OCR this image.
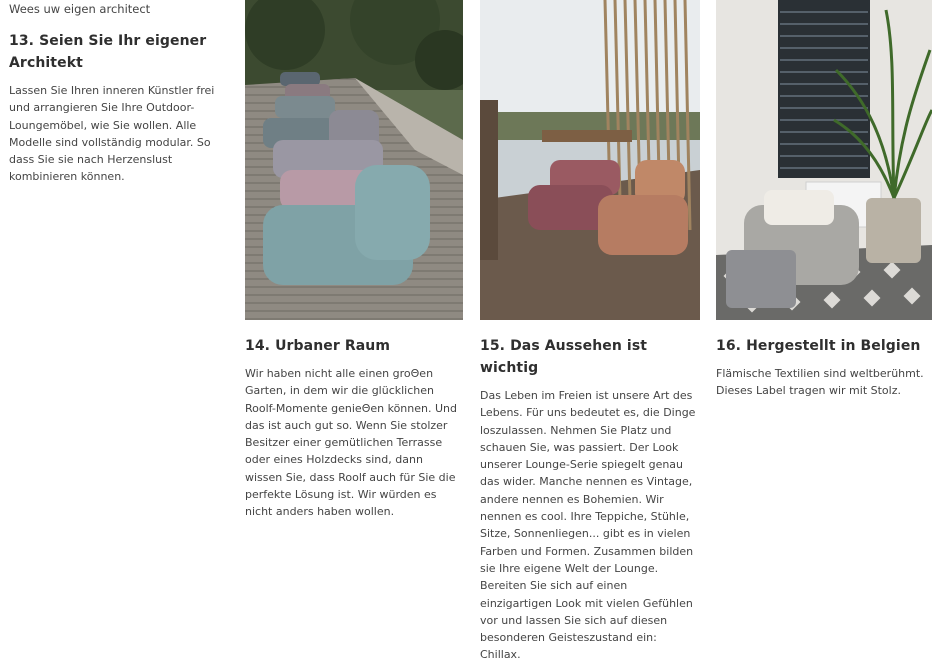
Wees uw eigen architect
13. Seien Sie Ihr eigener Architekt

Lassen Sie Ihren inneren Künstler frei und arrangieren Sie Ihre Outdoor-Loungemöbel, wie Sie wollen. Alle Modelle sind vollständig modular. So dass Sie sie nach Herzenslust kombinieren können.

14. Urbaner Raum

Wir haben nicht alle einen groΘen Garten, in dem wir die glücklichen Roolf-Momente genieΘen können. Und das ist auch gut so. Wenn Sie stolzer Besitzer einer gemütlichen Terrasse oder eines Holzdecks sind, dann wissen Sie, dass Roolf auch für Sie die perfekte Lösung ist. Wir würden es nicht anders haben wollen.

15. Das Aussehen ist wichtig

Das Leben im Freien ist unsere Art des Lebens. Für uns bedeutet es, die Dinge loszulassen. Nehmen Sie Platz und schauen Sie, was passiert. Der Look unserer Lounge-Serie spiegelt genau das wider. Manche nennen es Vintage, andere nennen es Bohemien. Wir nennen es cool. Ihre Teppiche, Stühle, Sitze, Sonnenliegen... gibt es in vielen Farben und Formen. Zusammen bilden sie Ihre eigene Welt der Lounge. Bereiten Sie sich auf einen einzigartigen Look mit vielen Gefühlen vor und lassen Sie sich auf diesen besonderen Geisteszustand ein: Chillax.

16. Hergestellt in Belgien

Flämische Textilien sind weltberühmt. Dieses Label tragen wir mit Stolz.
